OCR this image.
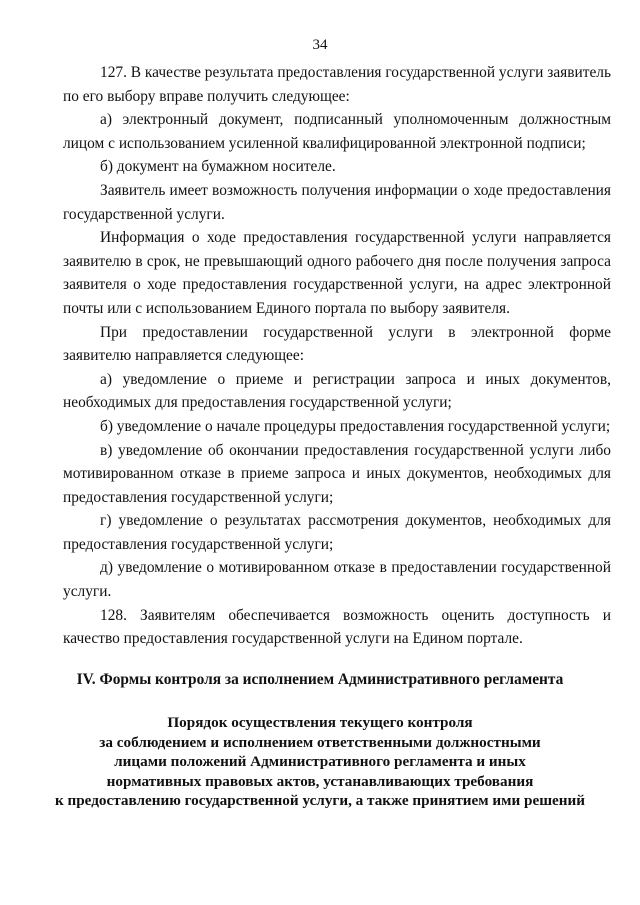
34

127. В качестве результата предоставления государственной услуги заявитель по его выбору вправе получить следующее:

а) электронный документ, подписанный уполномоченным должностным лицом с использованием усиленной квалифицированной электронной подписи;

б) документ на бумажном носителе.

Заявитель имеет возможность получения информации о ходе предоставления государственной услуги.

Информация о ходе предоставления государственной услуги направляется заявителю в срок, не превышающий одного рабочего дня после получения запроса заявителя о ходе предоставления государственной услуги, на адрес электронной почты или с использованием Единого портала по выбору заявителя.

При предоставлении государственной услуги в электронной форме заявителю направляется следующее:

а) уведомление о приеме и регистрации запроса и иных документов, необходимых для предоставления государственной услуги;

б) уведомление о начале процедуры предоставления государственной услуги;

в) уведомление об окончании предоставления государственной услуги либо мотивированном отказе в приеме запроса и иных документов, необходимых для предоставления государственной услуги;

г) уведомление о результатах рассмотрения документов, необходимых для предоставления государственной услуги;

д) уведомление о мотивированном отказе в предоставлении государственной услуги.

128. Заявителям обеспечивается возможность оценить доступность и качество предоставления государственной услуги на Едином портале.

IV. Формы контроля за исполнением Административного регламента
Порядок осуществления текущего контроля
за соблюдением и исполнением ответственными должностными
лицами положений Административного регламента и иных
нормативных правовых актов, устанавливающих требования
к предоставлению государственной услуги, а также принятием ими решений
